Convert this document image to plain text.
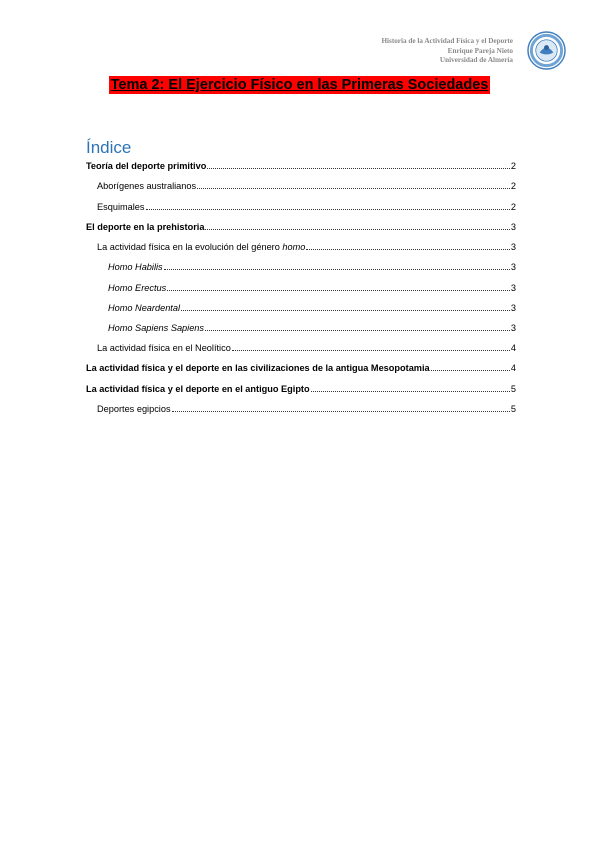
Historia de la Actividad Física y el Deporte
Enrique Pareja Nieto
Universidad de Almería
Tema 2: El Ejercicio Físico en las Primeras Sociedades
Índice
Teoría del deporte primitivo	2
Aborígenes australianos	2
Esquimales	2
El deporte en la prehistoria	3
La actividad física en la evolución del género homo	3
Homo Habilis	3
Homo Erectus	3
Homo Neardental	3
Homo Sapiens Sapiens	3
La actividad física en el Neolítico	4
La actividad física y el deporte en las civilizaciones de la antigua Mesopotamia	4
La actividad física y el deporte en el antiguo Egipto	5
Deportes egipcios	5
